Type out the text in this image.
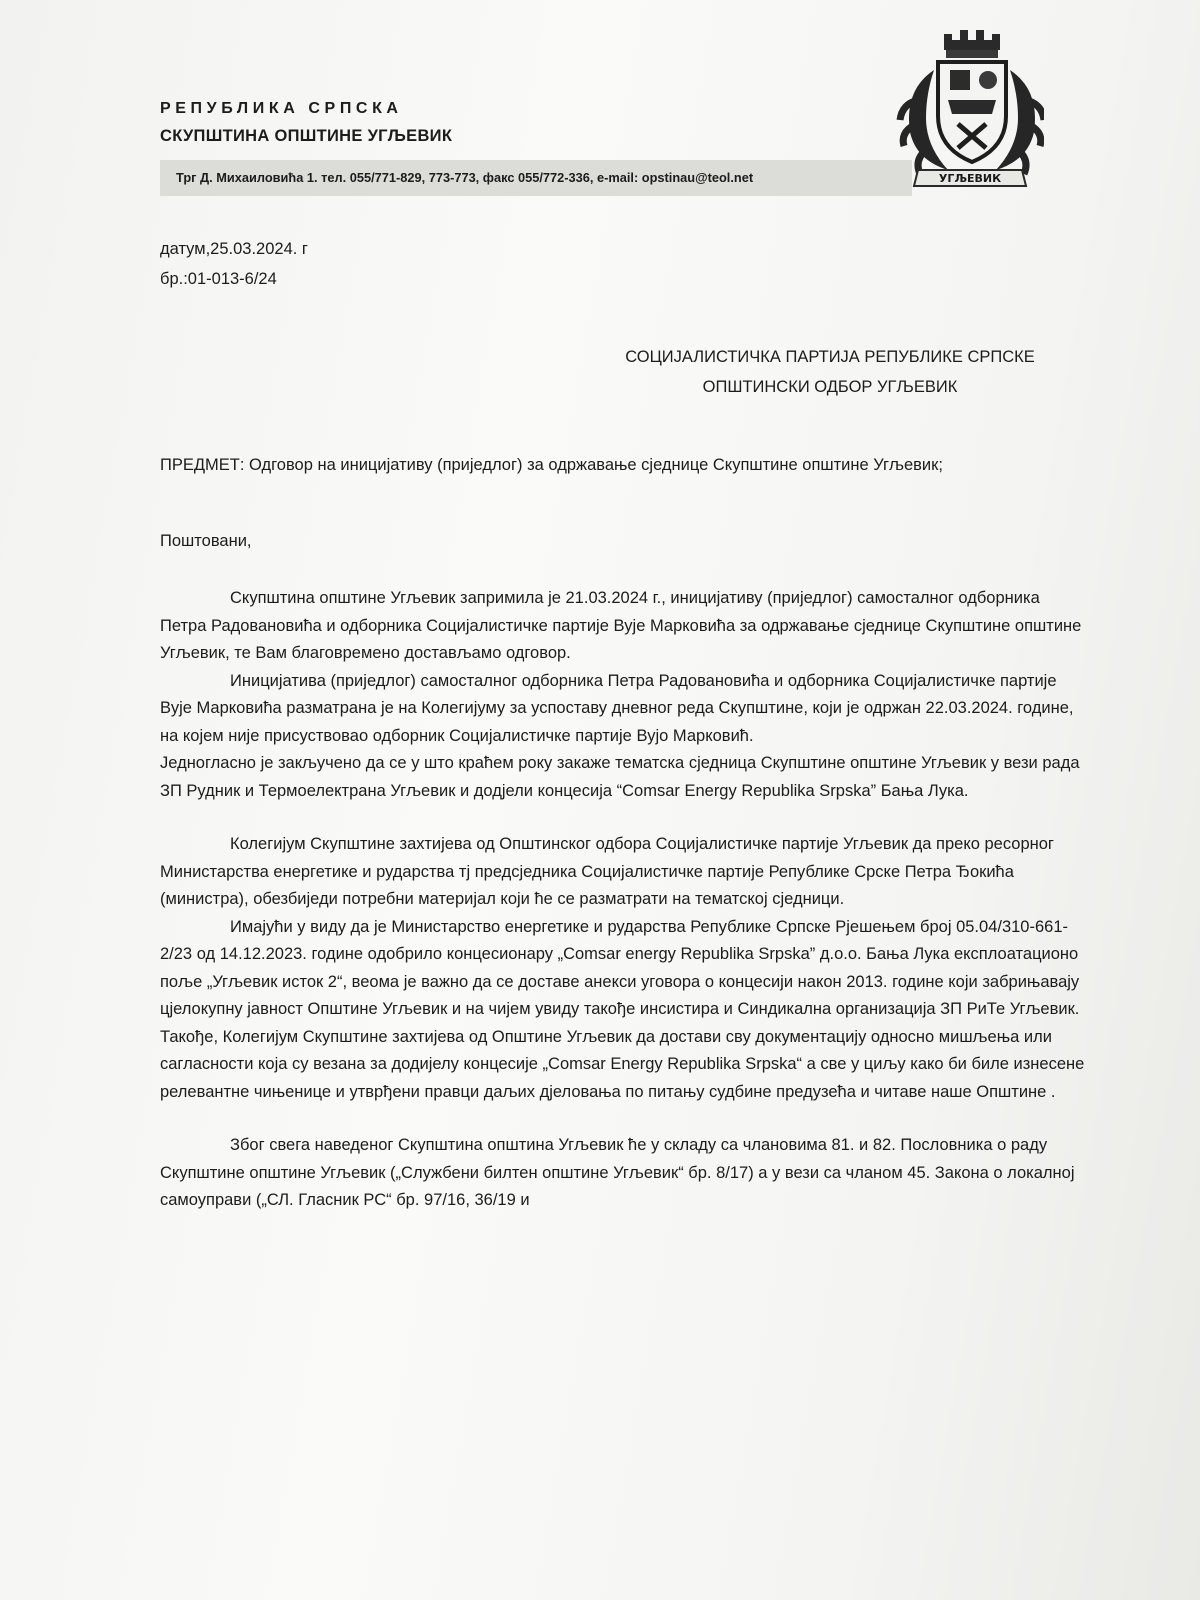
РЕПУБЛИКА СРПСКА
СКУПШТИНА ОПШТИНЕ УГЉЕВИК
Трг Д. Михаиловића 1. тел. 055/771-829, 773-773, факс 055/772-336, e-mail: opstinau@teol.net	УГЉЕВИК
датум,25.03.2024. г
бр.:01-013-6/24
СОЦИЈАЛИСТИЧКА ПАРТИЈА РЕПУБЛИКЕ СРПСКЕ
ОПШТИНСКИ ОДБОР УГЉЕВИК
ПРЕДМЕТ: Одговор на иницијативу (приједлог) за одржавање сједнице Скупштине општине Угљевик;
Поштовани,

Скупштина општине Угљевик запримила је 21.03.2024 г., иницијативу (приједлог) самосталног одборника Петра Радовановића и одборника Социјалистичке партије Вује Марковића за одржавање сједнице Скупштине општине Угљевик, те Вам благовремено достављамо одговор.

Иницијатива (приједлог) самосталног одборника Петра Радовановића и одборника Социјалистичке партије Вује Марковића разматрана је на Колегијуму за успоставу дневног реда Скупштине, који је одржан 22.03.2024. године, на којем није присуствовао одборник Социјалистичке партије Вујо Марковић.

Једногласно је закључено да се у што краћем року закаже тематска сједница Скупштине општине Угљевик у вези рада ЗП Рудник и Термоелектрана Угљевик и додјели концесија “Comsar Energy Republika Srpska” Бања Лука.

Колегијум Скупштине захтијева од Општинског одбора Социјалистичке партије Угљевик да преко ресорног Министарства енергетике и рударства тј предсједника Социјалистичке партије Републике Срске Петра Ђокића (министра), обезбиједи потребни материјал који ће се разматрати на тематској сједници.

Имајући у виду да је Министарство енергетике и рударства Републике Српске Рјешењем број 05.04/310-661-2/23 од 14.12.2023. године одобрило концесионару „Comsar energy Republika Srpska” д.о.о. Бања Лука експлоатационо поље „Угљевик исток 2“, веома је важно да се доставе анекси уговора о концесији након 2013. године који забрињавају цјелокупну јавност Општине Угљевик и на чијем увиду такође инсистира и Синдикална организација ЗП РиТе Угљевик.

Такође, Колегијум Скупштине захтијева од Општине Угљевик да достави сву документацију односно мишљења или сагласности која су везана за додијелу концесије „Comsar Energy Republika Srpska“ а све у циљу како би биле изнесене релевантне чињенице и утврђени правци даљих дјеловања по питању судбине предузећа и читаве наше Општине .

Због свега наведеног Скупштина општина Угљевик ће у складу са члановима 81. и 82. Пословника о раду Скупштине општине Угљевик („Службени билтен општине Угљевик“ бр. 8/17) а у вези са чланом 45. Закона о локалној самоуправи („СЛ. Гласник РС“ бр. 97/16, 36/19 и
